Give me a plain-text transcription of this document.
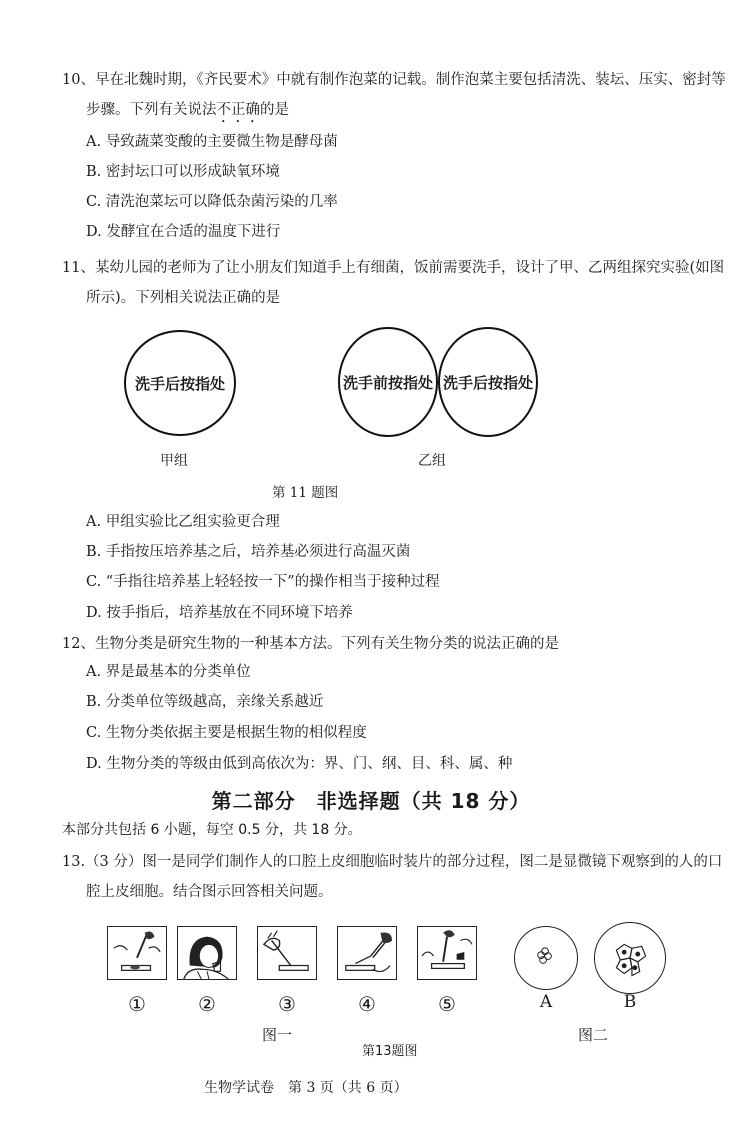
10、早在北魏时期，《齐民要术》中就有制作泡菜的记载。制作泡菜主要包括清洗、装坛、压实、密封等
步骤。下列有关说法不正确的是
A. 导致蔬菜变酸的主要微生物是酵母菌
B. 密封坛口可以形成缺氧环境
C. 清洗泡菜坛可以降低杂菌污染的几率
D. 发酵宜在合适的温度下进行
11、某幼儿园的老师为了让小朋友们知道手上有细菌，饭前需要洗手，设计了甲、乙两组探究实验(如图
所示)。下列相关说法正确的是
洗手后按指处	洗手前按指处 洗手后按指处
甲组	乙组
第 11 题图
A. 甲组实验比乙组实验更合理
B. 手指按压培养基之后，培养基必须进行高温灭菌
C. “手指往培养基上轻轻按一下”的操作相当于接种过程
D. 按手指后，培养基放在不同环境下培养
12、生物分类是研究生物的一种基本方法。下列有关生物分类的说法正确的是
A. 界是最基本的分类单位
B. 分类单位等级越高，亲缘关系越近
C. 生物分类依据主要是根据生物的相似程度
D. 生物分类的等级由低到高依次为：界、门、纲、目、科、属、种
第二部分　非选择题（共 18 分）
本部分共包括 6 小题，每空 0.5 分，共 18 分。
13.（3 分）图一是同学们制作人的口腔上皮细胞临时装片的部分过程，图二是显微镜下观察到的人的口
腔上皮细胞。结合图示回答相关问题。
①	②	③	④	⑤	A	B
图一	图二
第13题图
生物学试卷　第 3 页（共 6 页）
